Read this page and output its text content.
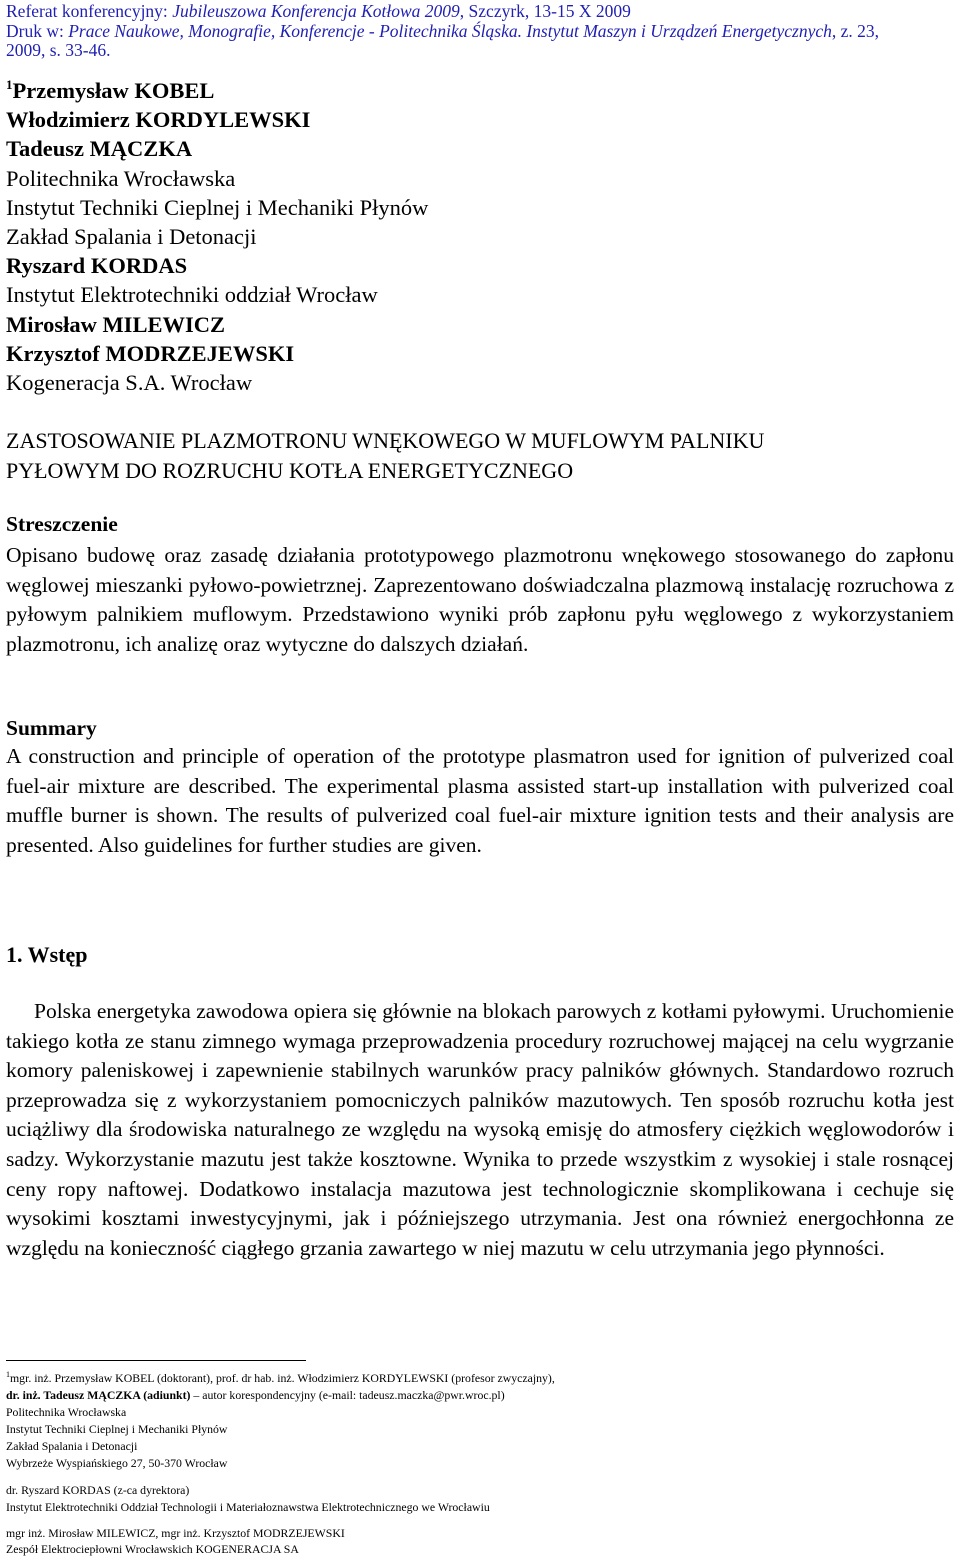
Referat konferencyjny: Jubileuszowa Konferencja Kotłowa 2009, Szczyrk, 13-15 X 2009
Druk w: Prace Naukowe, Monografie, Konferencje - Politechnika Śląska. Instytut Maszyn i Urządzeń Energetycznych, z. 23,
2009, s. 33-46.
$^1$Przemysław KOBEL
Włodzimierz KORDYLEWSKI
Tadeusz MĄCZKA
Politechnika Wrocławska
Instytut Techniki Cieplnej i Mechaniki Płynów
Zakład Spalania i Detonacji
Ryszard KORDAS
Instytut Elektrotechniki oddział Wrocław
Mirosław MILEWICZ
Krzysztof MODRZEJEWSKI
Kogeneracja S.A. Wrocław
ZASTOSOWANIE PLAZMOTRONU WNĘKOWEGO W MUFLOWYM PALNIKU
PYŁOWYM DO ROZRUCHU KOTŁA ENERGETYCZNEGO
Streszczenie
Opisano budowę oraz zasadę działania prototypowego plazmotronu wnękowego stosowanego do zapłonu węglowej mieszanki pyłowo-powietrznej. Zaprezentowano doświadczalna plazmową instalację rozruchowa z pyłowym palnikiem muflowym. Przedstawiono wyniki prób zapłonu pyłu węglowego z wykorzystaniem plazmotronu, ich analizę oraz wytyczne do dalszych działań.
Summary
A construction and principle of operation of the prototype plasmatron used for ignition of pulverized coal fuel-air mixture are described. The experimental plasma assisted start-up installation with pulverized coal muffle burner is shown. The results of pulverized coal fuel-air mixture ignition tests and their analysis are presented. Also guidelines for further studies are given.
1. Wstęp
Polska energetyka zawodowa opiera się głównie na blokach parowych z kotłami pyłowymi. Uruchomienie takiego kotła ze stanu zimnego wymaga przeprowadzenia procedury rozruchowej mającej na celu wygrzanie komory paleniskowej i zapewnienie stabilnych warunków pracy palników głównych. Standardowo rozruch przeprowadza się z wykorzystaniem pomocniczych palników mazutowych. Ten sposób rozruchu kotła jest uciążliwy dla środowiska naturalnego ze względu na wysoką emisję do atmosfery ciężkich węglowodorów i sadzy. Wykorzystanie mazutu jest także kosztowne. Wynika to przede wszystkim z wysokiej i stale rosnącej ceny ropy naftowej. Dodatkowo instalacja mazutowa jest technologicznie skomplikowana i cechuje się wysokimi kosztami inwestycyjnymi, jak i późniejszego utrzymania. Jest ona również energochłonna ze względu na konieczność ciągłego grzania zawartego w niej mazutu w celu utrzymania jego płynności.
$^1$mgr. inż. Przemysław KOBEL (doktorant), prof. dr hab. inż. Włodzimierz KORDYLEWSKI (profesor zwyczajny),
dr. inż. Tadeusz MĄCZKA (adiunkt) – autor korespondencyjny (e-mail: tadeusz.maczka@pwr.wroc.pl)
Politechnika Wrocławska
Instytut Techniki Cieplnej i Mechaniki Płynów
Zakład Spalania i Detonacji
Wybrzeże Wyspiańskiego 27, 50-370 Wrocław
dr. Ryszard KORDAS (z-ca dyrektora)
Instytut Elektrotechniki Oddział Technologii i Materiałoznawstwa Elektrotechnicznego we Wrocławiu
mgr inż. Mirosław MILEWICZ, mgr inż. Krzysztof MODRZEJEWSKI
Zespół Elektrociepłowni Wrocławskich KOGENERACJA SA
